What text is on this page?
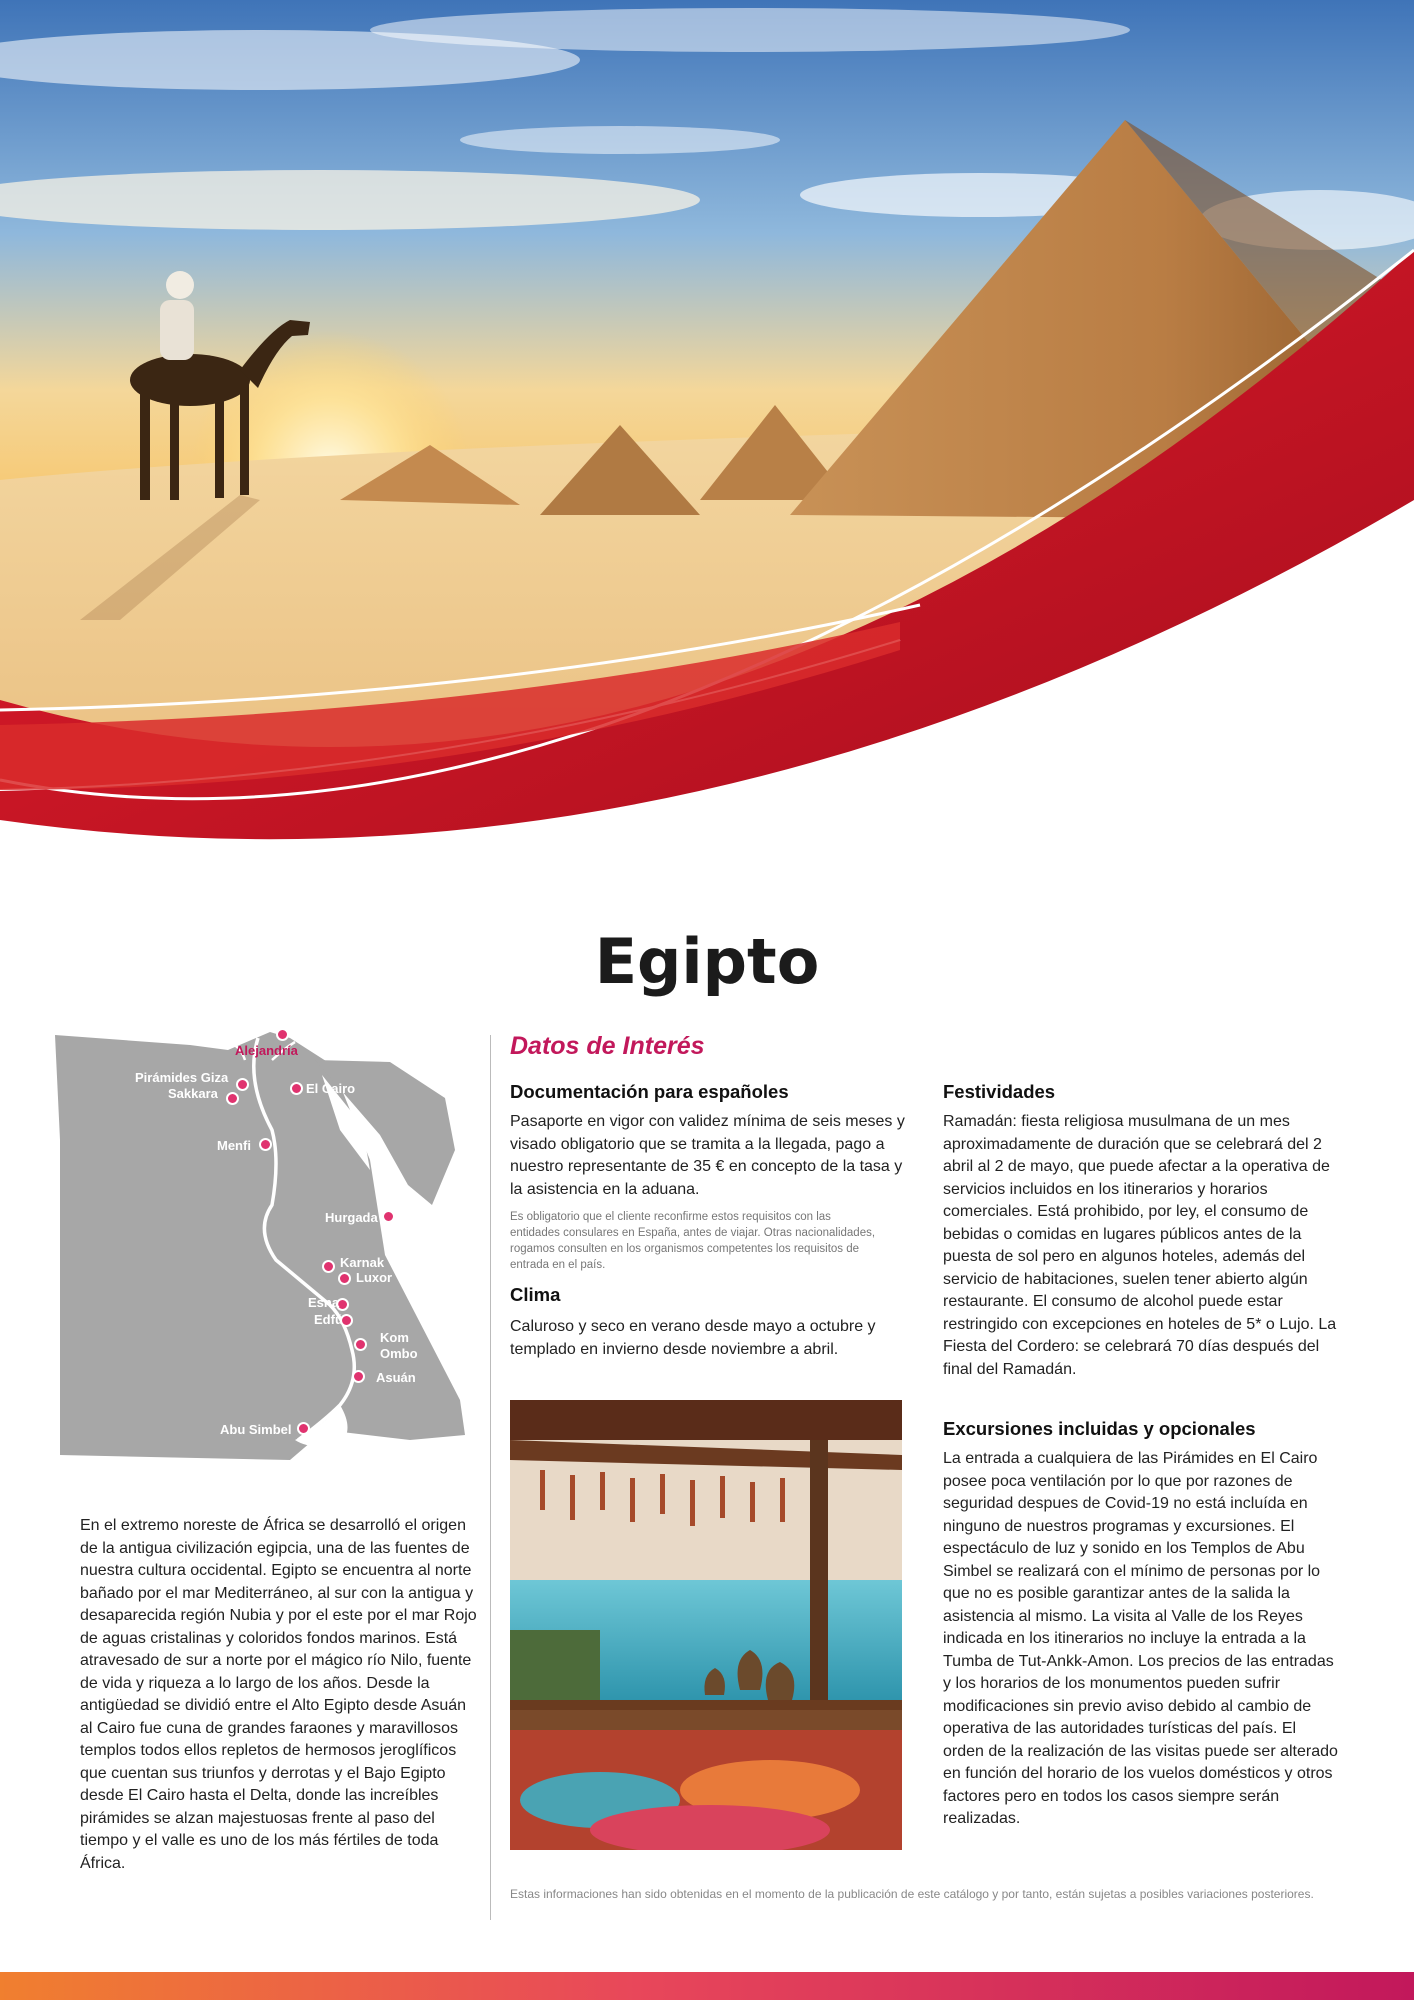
Egipto
Alejandría
Pirámides Giza
Sakkara	El Cairo
Menfi
Hurgada
Karnak
Luxor
Esna
Edfú
Kom
Ombo
Asuán
Abu Simbel

En el extremo noreste de África se desarrolló el origen de la antigua civilización egipcia, una de las fuentes de nuestra cultura occidental. Egipto se encuentra al norte bañado por el mar Mediterráneo, al sur con la antigua y desaparecida región Nubia y por el este por el mar Rojo de aguas cristalinas y coloridos fondos marinos. Está atravesado de sur a norte por el mágico río Nilo, fuente de vida y riqueza a lo largo de los años. Desde la antigüedad se dividió entre el Alto Egipto desde Asuán al Cairo fue cuna de grandes faraones y maravillosos templos todos ellos repletos de hermosos jeroglíficos que cuentan sus triunfos y derrotas y el Bajo Egipto desde El Cairo hasta el Delta, donde las increíbles pirámides se alzan majestuosas frente al paso del tiempo y el valle es uno de los más fértiles de toda África.

Datos de Interés
Documentación para españoles

Pasaporte en vigor con validez mínima de seis meses y visado obligatorio que se tramita a la llegada, pago a nuestro representante de 35 € en concepto de la tasa y la asistencia en la aduana.

Es obligatorio que el cliente reconfirme estos requisitos con las entidades consulares en España, antes de viajar. Otras nacionalidades, rogamos consulten en los organismos competentes los requisitos de entrada en el país.

Clima

Caluroso y seco en verano desde mayo a octubre y templado en invierno desde noviembre a abril.

Festividades

Ramadán: fiesta religiosa musulmana de un mes aproximadamente de duración que se celebrará del 2 abril al 2 de mayo, que puede afectar a la operativa de servicios incluidos en los itinerarios y horarios comerciales. Está prohibido, por ley, el consumo de bebidas o comidas en lugares públicos antes de la puesta de sol pero en algunos hoteles, además del servicio de habitaciones, suelen tener abierto algún restaurante. El consumo de alcohol puede estar restringido con excepciones en hoteles de 5* o Lujo. La Fiesta del Cordero: se celebrará 70 días después del final del Ramadán.

Excursiones incluidas y opcionales

La entrada a cualquiera de las Pirámides en El Cairo posee poca ventilación por lo que por razones de seguridad despues de Covid-19 no está incluída en ninguno de nuestros programas y excursiones. El espectáculo de luz y sonido en los Templos de Abu Simbel se realizará con el mínimo de personas por lo que no es posible garantizar antes de la salida la asistencia al mismo. La visita al Valle de los Reyes indicada en los itinerarios no incluye la entrada a la Tumba de Tut-Ankk-Amon. Los precios de las entradas y los horarios de los monumentos pueden sufrir modificaciones sin previo aviso debido al cambio de operativa de las autoridades turísticas del país. El orden de la realización de las visitas puede ser alterado en función del horario de los vuelos domésticos y otros factores pero en todos los casos siempre serán realizadas.

Estas informaciones han sido obtenidas en el momento de la publicación de este catálogo y por tanto, están sujetas a posibles variaciones posteriores.
